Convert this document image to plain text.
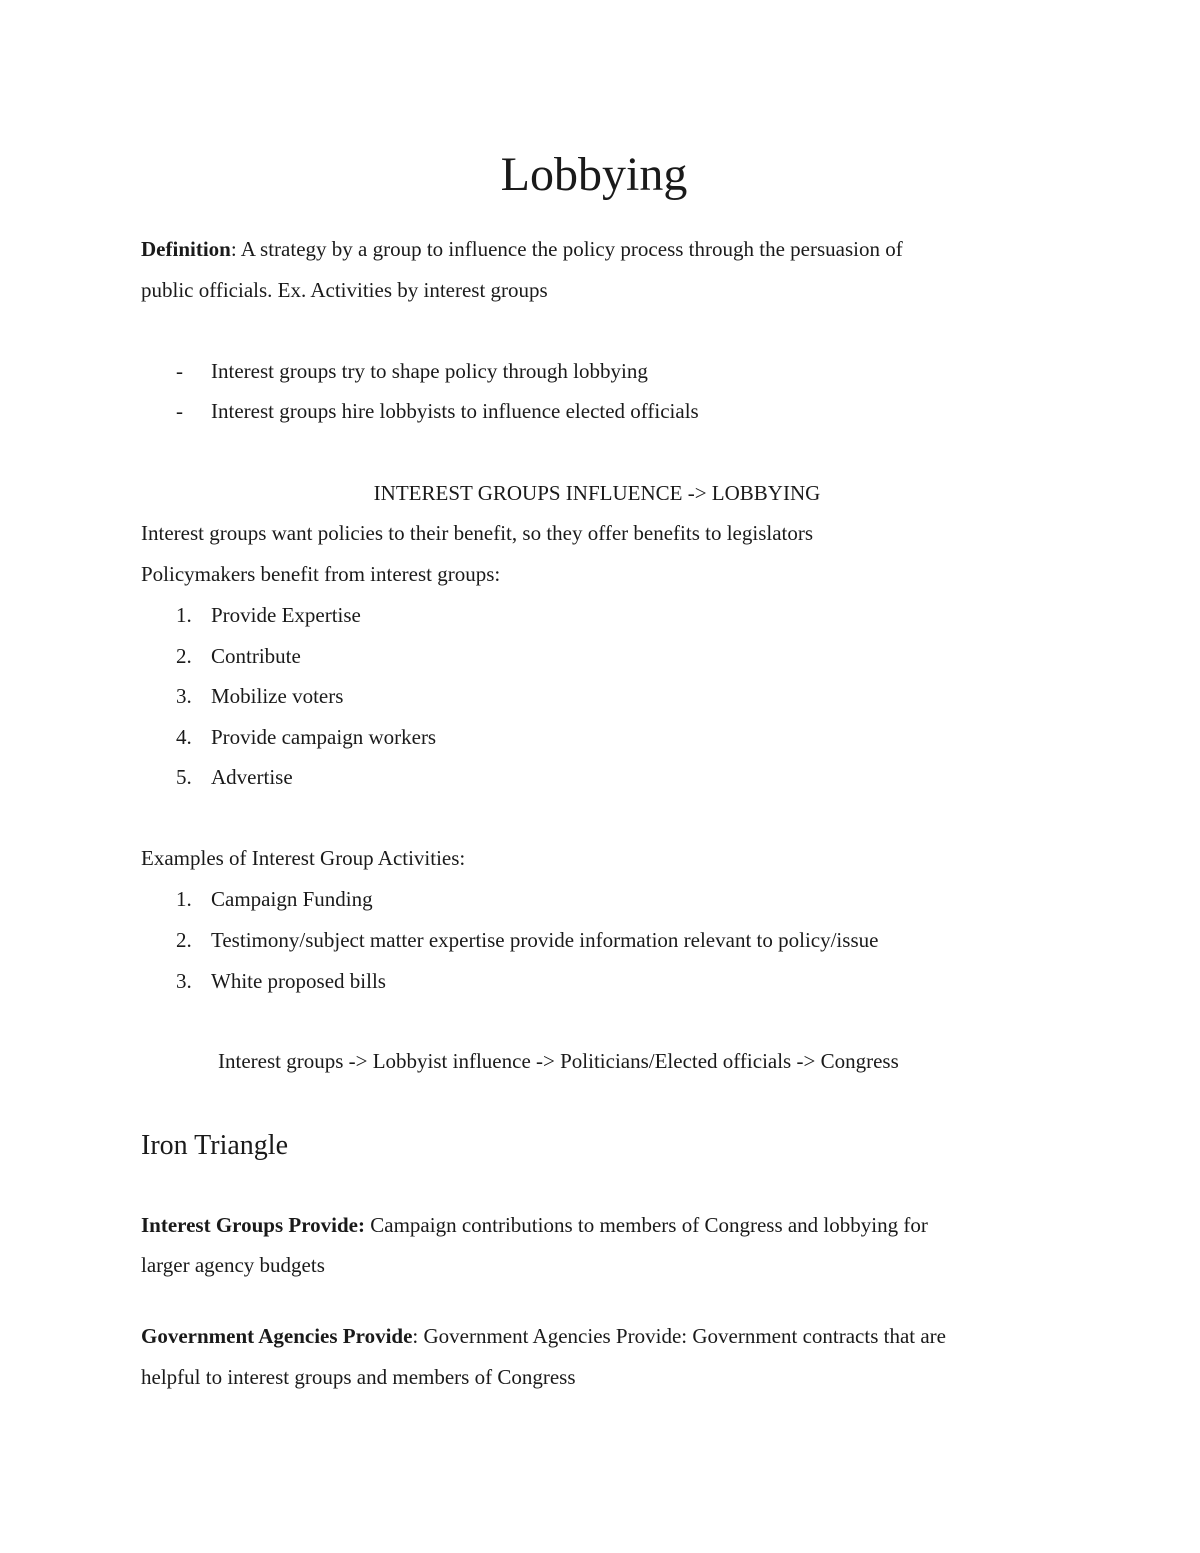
Lobbying
Definition: A strategy by a group to influence the policy process through the persuasion of
public officials. Ex. Activities by interest groups
- Interest groups try to shape policy through lobbying
- Interest groups hire lobbyists to influence elected officials
INTEREST GROUPS INFLUENCE -> LOBBYING
Interest groups want policies to their benefit, so they offer benefits to legislators
Policymakers benefit from interest groups:
1. Provide Expertise
2. Contribute
3. Mobilize voters
4. Provide campaign workers
5. Advertise
Examples of Interest Group Activities:
1. Campaign Funding
2. Testimony/subject matter expertise provide information relevant to policy/issue
3. White proposed bills
Interest groups -> Lobbyist influence -> Politicians/Elected officials -> Congress
Iron Triangle
Interest Groups Provide: Campaign contributions to members of Congress and lobbying for
larger agency budgets
Government Agencies Provide: Government Agencies Provide: Government contracts that are
helpful to interest groups and members of Congress
